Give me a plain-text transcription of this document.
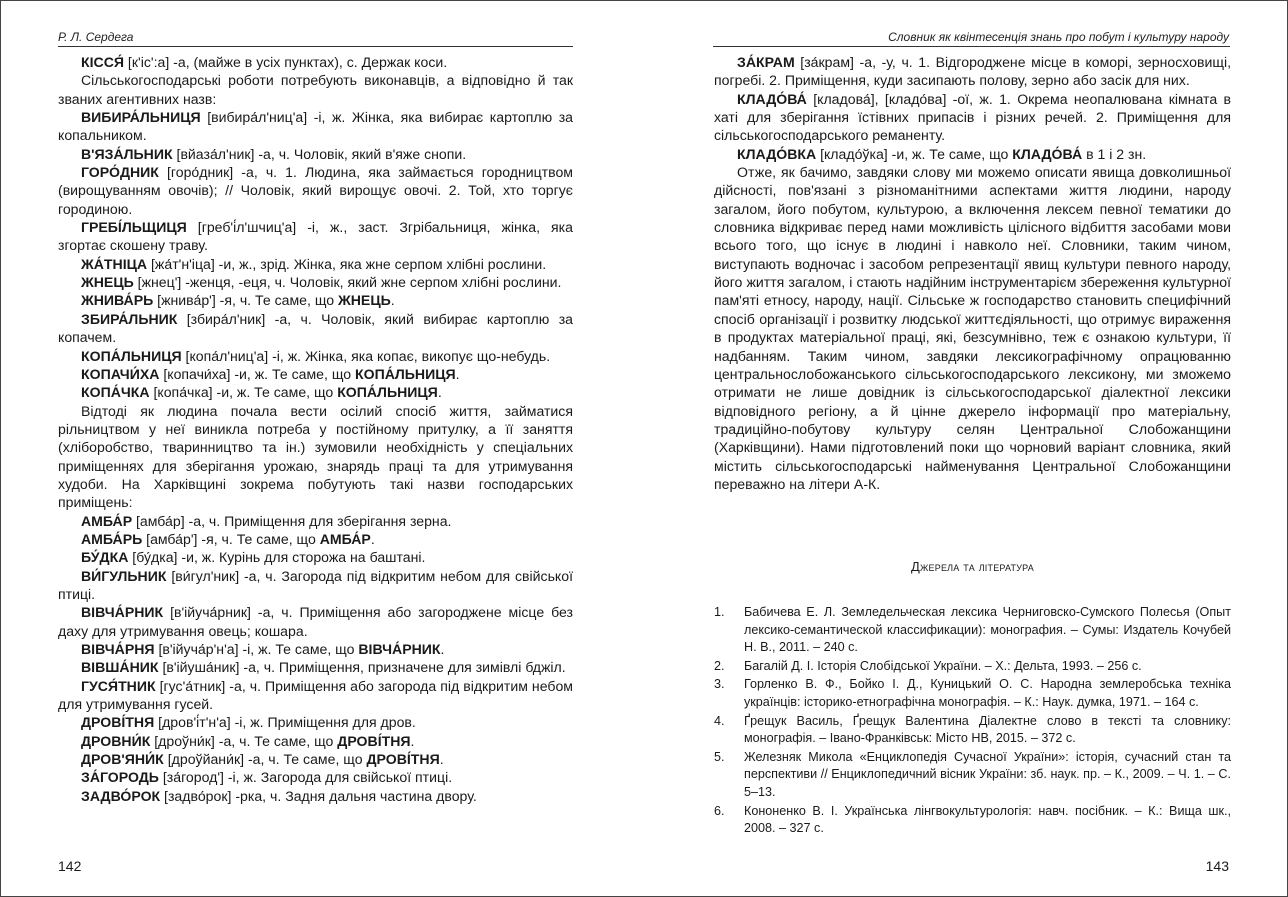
Р. Л. Сердега

КІССЯ́ [к'іс':а] -а, (майже в усіх пунктах), с. Держак коси.

Сільськогосподарські роботи потребують виконавців, а відповідно й так званих агентивних назв:

ВИБИРА́ЛЬНИЦЯ [вибира́л'ниц'а] -і, ж. Жінка, яка вибирає картоплю за копальником.

В'ЯЗА́ЛЬНИК [вйаза́л'ник] -а, ч. Чоловік, який в'яже снопи.

ГОРО́ДНИК [горо́дник] -а, ч. 1. Людина, яка займається городництвом (вирощуванням овочів); // Чоловік, який вирощує овочі. 2. Той, хто торгує городиною.

ГРЕБІ́ЛЬЩИЦЯ [греб'і́л'шчиц'а] -і, ж., заст. Згрібальниця, жінка, яка згортає скошену траву.

ЖА́ТНІЦА [жа́т'н'іца] -и, ж., зрід. Жінка, яка жне серпом хлібні рослини.

ЖНЕЦЬ [жнец'] -женця, -еця, ч. Чоловік, який жне серпом хлібні рослини.

ЖНИВА́РЬ [жнива́р'] -я, ч. Те саме, що ЖНЕЦЬ.

ЗБИРА́ЛЬНИК [збира́л'ник] -а, ч. Чоловік, який вибирає картоплю за копачем.

КОПА́ЛЬНИЦЯ [копа́л'ниц'а] -і, ж. Жінка, яка копає, викопує що-небудь.

КОПАЧИ́ХА [копачи́ха] -и, ж. Те саме, що КОПА́ЛЬНИЦЯ.

КОПА́ЧКА [копа́чка] -и, ж. Те саме, що КОПА́ЛЬНИЦЯ.

Відтоді як людина почала вести осілий спосіб життя, займатися рільництвом у неї виникла потреба у постійному притулку, а її заняття (хліборобство, тваринництво та ін.) зумовили необхідність у спеціальних приміщеннях для зберігання урожаю, знарядь праці та для утримування худоби. На Харківщині зокрема побутують такі назви господарських приміщень:

АМБА́Р [амба́р] -а, ч. Приміщення для зберігання зерна.

АМБА́РЬ [амба́р'] -я, ч. Те саме, що АМБА́Р.

БУ́ДКА [бу́дка] -и, ж. Курінь для сторожа на баштані.

ВИ́ГУЛЬНИК [ви́гул'ник] -а, ч. Загорода під відкритим небом для свійської птиці.

ВІВЧА́РНИК [в'ійуча́рник] -а, ч. Приміщення або загороджене місце без даху для утримування овець; кошара.

ВІВЧА́РНЯ [в'ійуча́р'н'а] -і, ж. Те саме, що ВІВЧА́РНИК.

ВІВША́НИК [в'ійуша́ник] -а, ч. Приміщення, призначене для зимівлі бджіл.

ГУСЯ́ТНИК [гус'а́тник] -а, ч. Приміщення або загорода під відкритим небом для утримування гусей.

ДРОВІ́ТНЯ [дров'і́т'н'а] -і, ж. Приміщення для дров.

ДРОВНИ́К [дроўни́к] -а, ч. Те саме, що ДРОВІ́ТНЯ.

ДРОВ'ЯНИ́К [дроўйани́к] -а, ч. Те саме, що ДРОВІ́ТНЯ.

ЗА́ГОРОДЬ [за́город'] -і, ж. Загорода для свійської птиці.

ЗАДВО́РОК [задво́рок] -рка, ч. Задня дальня частина двору.

142
Словник як квінтесенція знань про побут і культуру народу

ЗА́КРАМ [за́крам] -а, -у, ч. 1. Відгороджене місце в коморі, зерносховищі, погребі. 2. Приміщення, куди засипають полову, зерно або засік для них.

КЛАДО́ВА́ [кладова́], [кладо́ва] -ої, ж. 1. Окрема неопалювана кімната в хаті для зберігання їстівних припасів і різних речей. 2. Приміщення для сільськогосподарського реманенту.

КЛАДО́ВКА [кладо́ўка] -и, ж. Те саме, що КЛАДО́ВА́ в 1 і 2 зн.

Отже, як бачимо, завдяки слову ми можемо описати явища довколишньої дійсності, пов'язані з різноманітними аспектами життя людини, народу загалом, його побутом, культурою, а включення лексем певної тематики до словника відкриває перед нами можливість цілісного відбиття засобами мови всього того, що існує в людині і навколо неї. Словники, таким чином, виступають водночас і засобом репрезентації явищ культури певного народу, його життя загалом, і стають надійним інструментарієм збереження культурної пам'яті етносу, народу, нації. Сільське ж господарство становить специфічний спосіб організації і розвитку людської життєдіяльності, що отримує вираження в продуктах матеріальної праці, які, безсумнівно, теж є ознакою культури, її надбанням. Таким чином, завдяки лексикографічному опрацюванню центральнослобожанського сільськогосподарського лексикону, ми зможемо отримати не лише довідник із сільськогосподарської діалектної лексики відповідного регіону, а й цінне джерело інформації про матеріальну, традиційно-побутову культуру селян Центральної Слобожанщини (Харківщини). Нами підготовлений поки що чорновий варіант словника, який містить сільськогосподарські найменування Центральної Слобожанщини переважно на літери А-К.

Джерела та література
1. Бабичева Е. Л. Земледельческая лексика Черниговско-Сумского Полесья (Опыт лексико-семантической классификации): монография. – Сумы: Издатель Кочубей Н. В., 2011. – 240 с.
2. Багалій Д. І. Історія Слобідської України. – Х.: Дельта, 1993. – 256 с.
3. Горленко В. Ф., Бойко І. Д., Куницький О. С. Народна землеробська техніка українців: історико-етнографічна монографія. – К.: Наук. думка, 1971. – 164 с.
4. Ґрещук Василь, Ґрещук Валентина Діалектне слово в тексті та словнику: монографія. – Івано-Франківськ: Місто НВ, 2015. – 372 с.
5. Железняк Микола «Енциклопедія Сучасної України»: історія, сучасний стан та перспективи // Енциклопедичний вісник України: зб. наук. пр. – К., 2009. – Ч. 1. – С. 5–13.
6. Кононенко В. І. Українська лінгвокультурологія: навч. посібник. – К.: Вища шк., 2008. – 327 с.
143
